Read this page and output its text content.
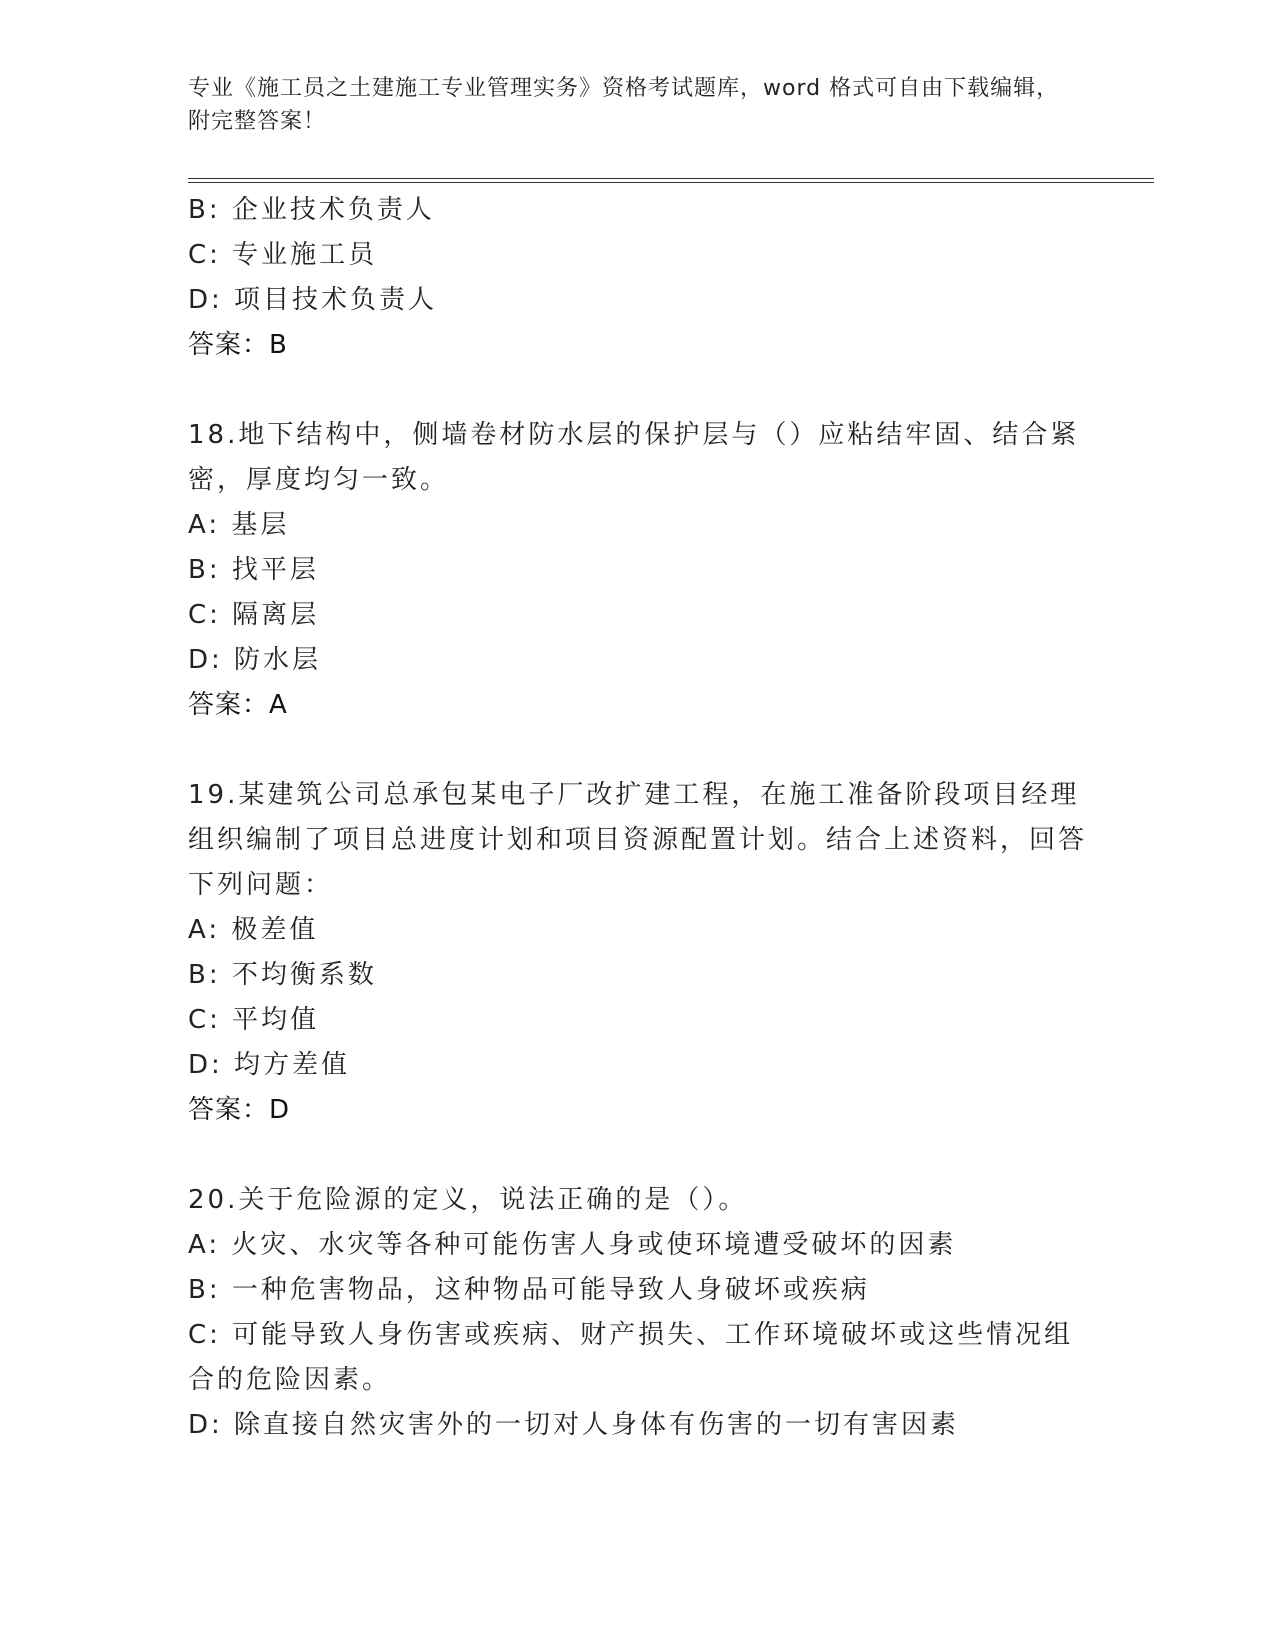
专业《施工员之土建施工专业管理实务》资格考试题库，word 格式可自由下载编辑，附完整答案！

B: 企业技术负责人

C: 专业施工员

D: 项目技术负责人

答案：B

18.地下结构中，侧墙卷材防水层的保护层与（）应粘结牢固、结合紧密，厚度均匀一致。

A: 基层

B: 找平层

C: 隔离层

D: 防水层

答案：A

19.某建筑公司总承包某电子厂改扩建工程，在施工准备阶段项目经理组织编制了项目总进度计划和项目资源配置计划。结合上述资料，回答下列问题：

A: 极差值

B: 不均衡系数

C: 平均值

D: 均方差值

答案：D

20.关于危险源的定义，说法正确的是（）。

A: 火灾、水灾等各种可能伤害人身或使环境遭受破坏的因素

B: 一种危害物品，这种物品可能导致人身破坏或疾病

C: 可能导致人身伤害或疾病、财产损失、工作环境破坏或这些情况组合的危险因素。

D: 除直接自然灾害外的一切对人身体有伤害的一切有害因素
